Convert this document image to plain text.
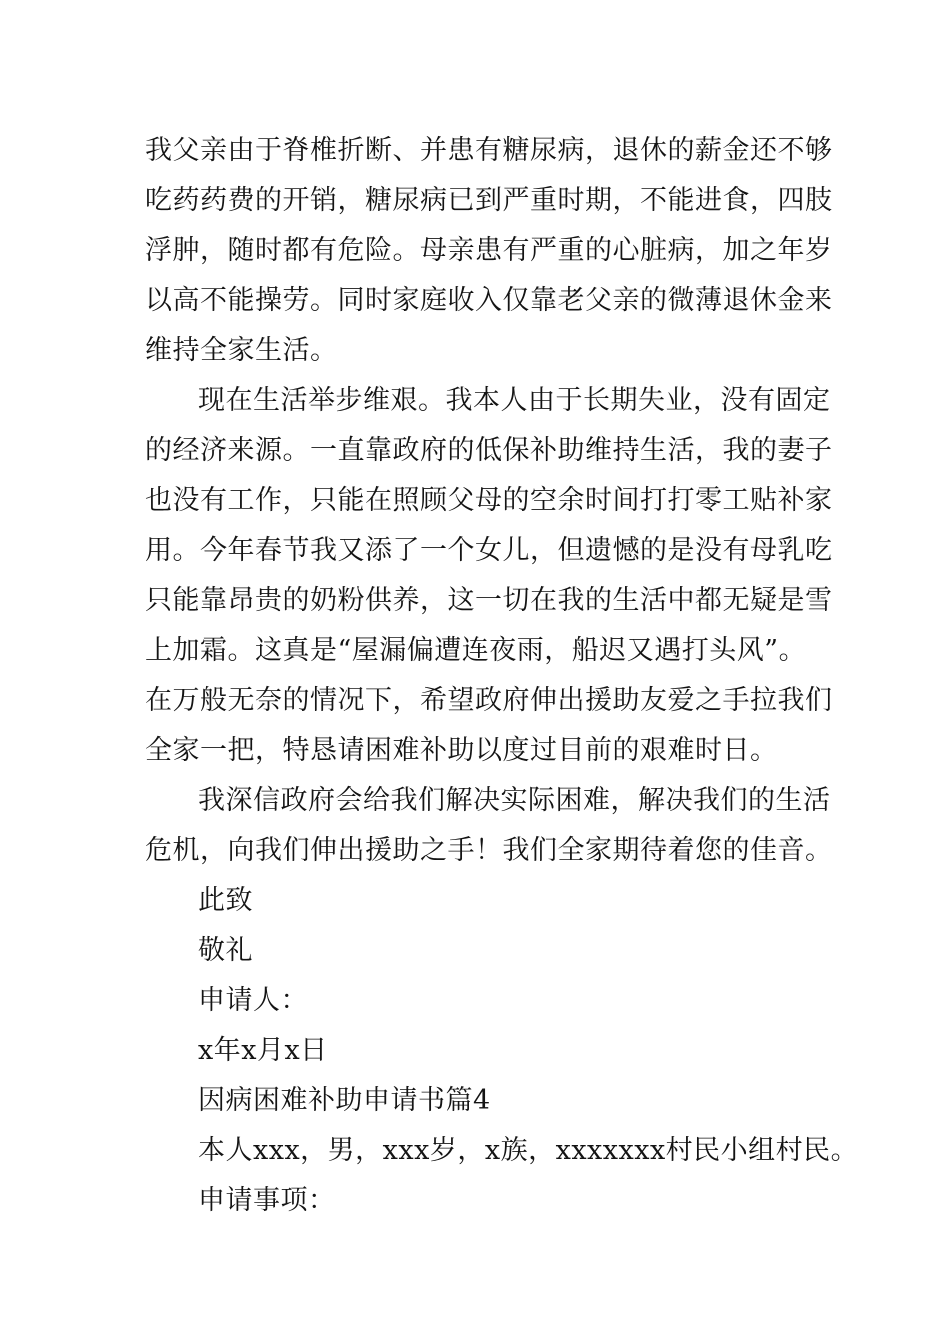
我父亲由于脊椎折断、并患有糖尿病，退休的薪金还不够
吃药药费的开销，糖尿病已到严重时期，不能进食，四肢
浮肿，随时都有危险。母亲患有严重的心脏病，加之年岁
以高不能操劳。同时家庭收入仅靠老父亲的微薄退休金来
维持全家生活。
现在生活举步维艰。我本人由于长期失业，没有固定
的经济来源。一直靠政府的低保补助维持生活，我的妻子
也没有工作，只能在照顾父母的空余时间打打零工贴补家
用。今年春节我又添了一个女儿，但遗憾的是没有母乳吃
只能靠昂贵的奶粉供养，这一切在我的生活中都无疑是雪
上加霜。这真是“屋漏偏遭连夜雨，船迟又遇打头风”。
在万般无奈的情况下，希望政府伸出援助友爱之手拉我们
全家一把，特恳请困难补助以度过目前的艰难时日。
我深信政府会给我们解决实际困难，解决我们的生活
危机，向我们伸出援助之手！我们全家期待着您的佳音。
此致
敬礼
申请人：
x年x月x日
因病困难补助申请书篇4
本人xxx，男，xxx岁，x族，xxxxxxx村民小组村民。
申请事项：
